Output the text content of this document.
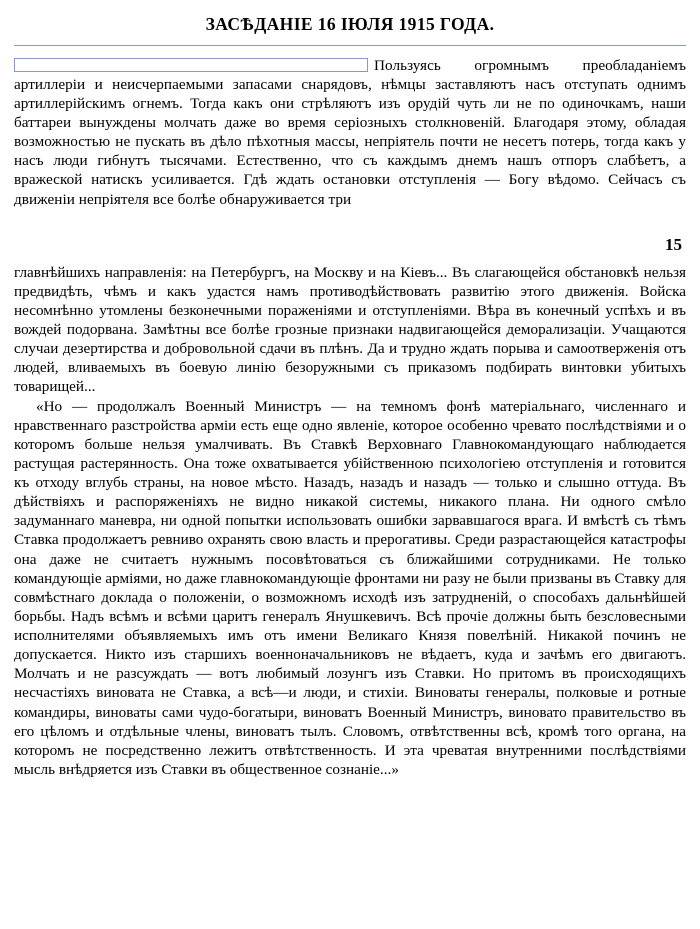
ЗАСѢДАНІЕ 16 ІЮЛЯ 1915 ГОДА.
Пользуясь огромнымъ преобладаніемъ артиллеріи и неисчерпаемыми запасами снарядовъ, нѣмцы заставляютъ насъ отступать однимъ артиллерійскимъ огнемъ. Тогда какъ они стрѣляютъ изъ орудій чуть ли не по одиночкамъ, наши баттареи вынуждены молчать даже во время серіозныхъ столкновеній. Благодаря этому, обладая возможностью не пускать въ дѣло пѣхотныя массы, непріятель почти не несетъ потерь, тогда какъ у насъ люди гибнутъ тысячами. Естественно, что съ каждымъ днемъ нашъ отпоръ слабѣетъ, а вражеской натискъ усиливается. Гдѣ ждать остановки отступленія — Богу вѣдомо. Сейчасъ съ движеніи непріятеля все болѣе обнаруживается три
15

главнѣйшихъ направленія: на Петербургъ, на Москву и на Кіевъ... Въ слагающейся обстановкѣ нельзя предвидѣть, чѣмъ и какъ удастся намъ противодѣйствовать развитію этого движенія. Войска несомнѣнно утомлены безконечными пораженіями и отступленіями. Вѣра въ конечный успѣхъ и въ вождей подорвана. Замѣтны все болѣе грозные признаки надвигающейся деморализаціи. Учащаются случаи дезертирства и добровольной сдачи въ плѣнъ. Да и трудно ждать порыва и самоотверженія отъ людей, вливаемыхъ въ боевую линію безоружными съ приказомъ подбирать винтовки убитыхъ товарищей...

«Но — продолжалъ Военный Министръ — на темномъ фонѣ матеріальнаго, численнаго и нравственнаго разстройства арміи есть еще одно явленіе, которое особенно чревато послѣдствіями и о которомъ больше нельзя умалчивать. Въ Ставкѣ Верховнаго Главнокомандующаго наблюдается растущая растерянность. Она тоже охватывается убійственною психологіею отступленія и готовится къ отходу вглубь страны, на новое мѣсто. Назадъ, назадъ и назадъ — только и слышно оттуда. Въ дѣйствіяхъ и распоряженіяхъ не видно никакой системы, никакого плана. Ни одного смѣло задуманнаго маневра, ни одной попытки использовать ошибки зарвавшагося врага. И вмѣстѣ съ тѣмъ Ставка продолжаетъ ревниво охранять свою власть и прерогативы. Среди разрастающейся катастрофы она даже не считаетъ нужнымъ посовѣтоваться съ ближайшими сотрудниками. Не только командующіе арміями, но даже главнокомандующіе фронтами ни разу не были призваны въ Ставку для совмѣстнаго доклада о положеніи, о возможномъ исходѣ изъ затрудненій, о способахъ дальнѣйшей борьбы. Надъ всѣмъ и всѣми царитъ генералъ Янушкевичъ. Всѣ прочіе должны быть безсловесными исполнителями объявляемыхъ имъ отъ имени Великаго Князя повелѣній. Никакой починъ не допускается. Никто изъ старшихъ военноначальниковъ не вѣдаетъ, куда и зачѣмъ его двигаютъ. Молчать и не разсуждать — вотъ любимый лозунгъ изъ Ставки. Но притомъ въ происходящихъ несчастіяхъ виновата не Ставка, а всѣ—и люди, и стихіи. Виноваты генералы, полковые и ротные командиры, виноваты сами чудо-богатыри, виноватъ Военный Министръ, виновато правительство въ его цѣломъ и отдѣльные члены, виноватъ тылъ. Словомъ, отвѣтственны всѣ, кромѣ того органа, на которомъ не посредственно лежитъ отвѣтственность. И эта чреватая внутренними послѣдствіями мысль внѣдряется изъ Ставки въ общественное сознаніе...»
